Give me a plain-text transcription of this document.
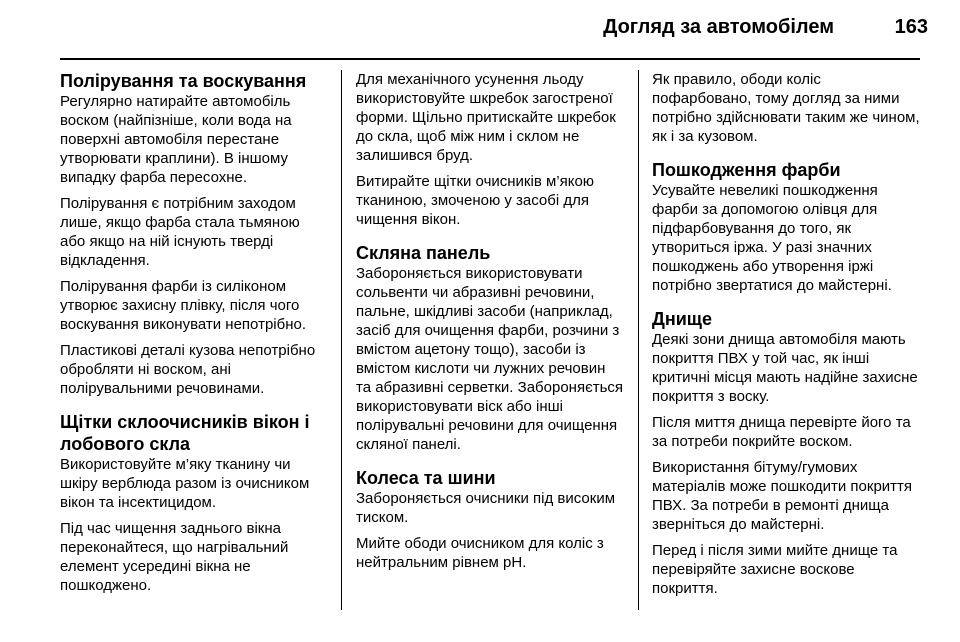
Догляд за автомобілем	163
Полірування та воскування

Регулярно натирайте автомобіль воском (найпізніше, коли вода на поверхні автомобіля перестане утворювати краплини). В іншому випадку фарба пересохне.

Полірування є потрібним заходом лише, якщо фарба стала тьмяною або якщо на ній існують тверді відкладення.

Полірування фарби із силіконом утворює захисну плівку, після чого воскування виконувати непотрібно.

Пластикові деталі кузова непотрібно обробляти ні воском, ані полірувальними речовинами.

Щітки склоочисників вікон і лобового скла

Використовуйте м’яку тканину чи шкіру верблюда разом із очисником вікон та інсектицидом.

Під час чищення заднього вікна переконайтеся, що нагрівальний елемент усередині вікна не пошкоджено.

Для механічного усунення льоду використовуйте шкребок загостреної форми. Щільно притискайте шкребок до скла, щоб між ним і склом не залишився бруд.

Витирайте щітки очисників м’якою тканиною, змоченою у засобі для чищення вікон.

Скляна панель

Забороняється використовувати сольвенти чи абразивні речовини, пальне, шкідливі засоби (наприклад, засіб для очищення фарби, розчини з вмістом ацетону тощо), засоби із вмістом кислоти чи лужних речовин та абразивні серветки. Забороняється використовувати віск або інші полірувальні речовини для очищення скляної панелі.

Колеса та шини

Забороняється очисники під високим тиском.

Мийте ободи очисником для коліс з нейтральним рівнем pH.

Як правило, ободи коліс пофарбовано, тому догляд за ними потрібно здійснювати таким же чином, як і за кузовом.

Пошкодження фарби

Усувайте невеликі пошкодження фарби за допомогою олівця для підфарбовування до того, як утвориться іржа. У разі значних пошкоджень або утворення іржі потрібно звертатися до майстерні.

Днище

Деякі зони днища автомобіля мають покриття ПВХ у той час, як інші критичні місця мають надійне захисне покриття з воску.

Після миття днища перевірте його та за потреби покрийте воском.

Використання бітуму/гумових матеріалів може пошкодити покриття ПВХ. За потреби в ремонті днища зверніться до майстерні.

Перед і після зими мийте днище та перевіряйте захисне воскове покриття.
